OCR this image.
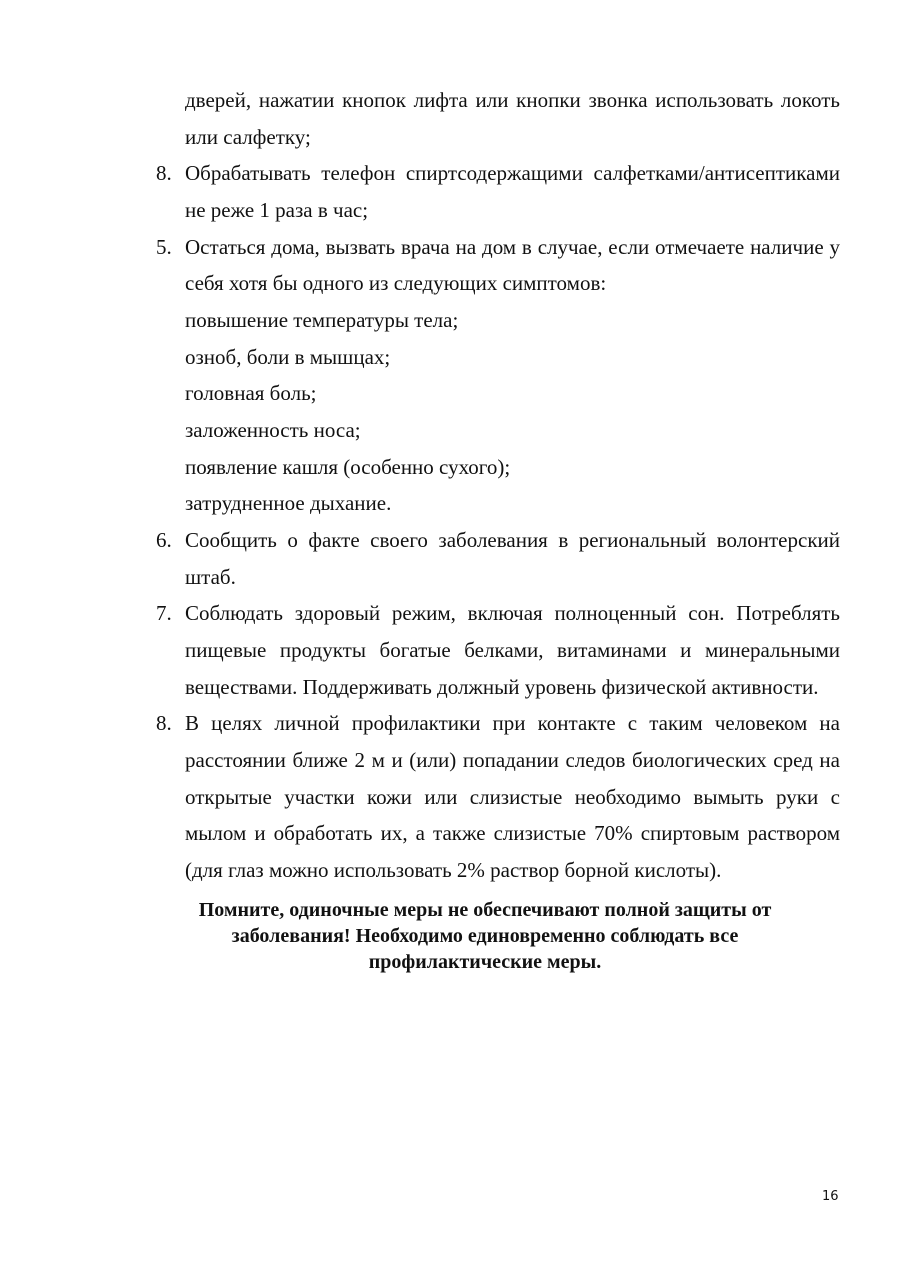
дверей, нажатии кнопок лифта или кнопки звонка использовать локоть
или салфетку;
8. Обрабатывать телефон спиртсодержащими салфетками/антисептиками
не реже 1 раза в час;
5. Остаться дома, вызвать врача на дом в случае, если отмечаете наличие у
себя хотя бы одного из следующих симптомов:
повышение температуры тела;
озноб, боли в мышцах;
головная боль;
заложенность носа;
появление кашля (особенно сухого);
затрудненное дыхание.
6. Сообщить о факте своего заболевания в региональный волонтерский
штаб.
7. Соблюдать здоровый режим, включая полноценный сон. Потреблять
пищевые продукты богатые белками, витаминами и минеральными
веществами. Поддерживать должный уровень физической активности.
8. В целях личной профилактики при контакте с таким человеком на
расстоянии ближе 2 м и (или) попадании следов биологических сред на
открытые участки кожи или слизистые необходимо вымыть руки с
мылом и обработать их, а также слизистые 70% спиртовым раствором
(для глаз можно использовать 2% раствор борной кислоты).
Помните, одиночные меры не обеспечивают полной защиты от
заболевания! Необходимо единовременно соблюдать все
профилактические меры.
16
